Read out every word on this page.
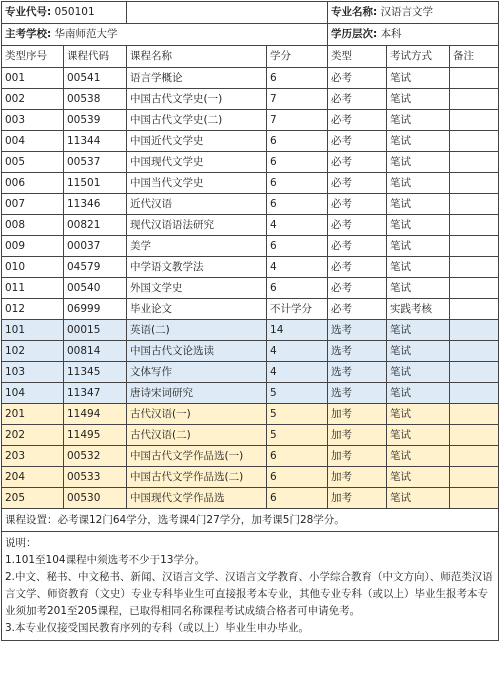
专业代号: 050101				专业名称: 汉语言文学		
主考学校: 华南师范大学				学历层次: 本科		
类型序号	课程代码	课程名称	学分	类型	考试方式	备注
001	00541	语言学概论	6	必考	笔试	
002	00538	中国古代文学史(一)	7	必考	笔试	
003	00539	中国古代文学史(二)	7	必考	笔试	
004	11344	中国近代文学史	6	必考	笔试	
005	00537	中国现代文学史	6	必考	笔试	
006	11501	中国当代文学史	6	必考	笔试	
007	11346	近代汉语	6	必考	笔试	
008	00821	现代汉语语法研究	4	必考	笔试	
009	00037	美学	6	必考	笔试	
010	04579	中学语文教学法	4	必考	笔试	
011	00540	外国文学史	6	必考	笔试	
012	06999	毕业论文	不计学分	必考	实践考核	
101	00015	英语(二)	14	选考	笔试	
102	00814	中国古代文论选读	4	选考	笔试	
103	11345	文体写作	4	选考	笔试	
104	11347	唐诗宋词研究	5	选考	笔试	
201	11494	古代汉语(一)	5	加考	笔试	
202	11495	古代汉语(二)	5	加考	笔试	
203	00532	中国古代文学作品选(一)	6	加考	笔试	
204	00533	中国古代文学作品选(二)	6	加考	笔试	
205	00530	中国现代文学作品选	6	加考	笔试	
课程设置：必考课12门64学分，选考课4门27学分，加考课5门28学分。						

说明：

1.101至104课程中须选考不少于13学分。

2.中文、秘书、中文秘书、新闻、汉语言文学、汉语言文学教育、小学综合教育（中文方向）、师范类汉语言文学、师资教育（文史）专业专科毕业生可直接报考本专业，其他专业专科（或以上）毕业生报考本专业须加考201至205课程，已取得相同名称课程考试成绩合格者可申请免考。

3.本专业仅接受国民教育序列的专科（或以上）毕业生申办毕业。						
